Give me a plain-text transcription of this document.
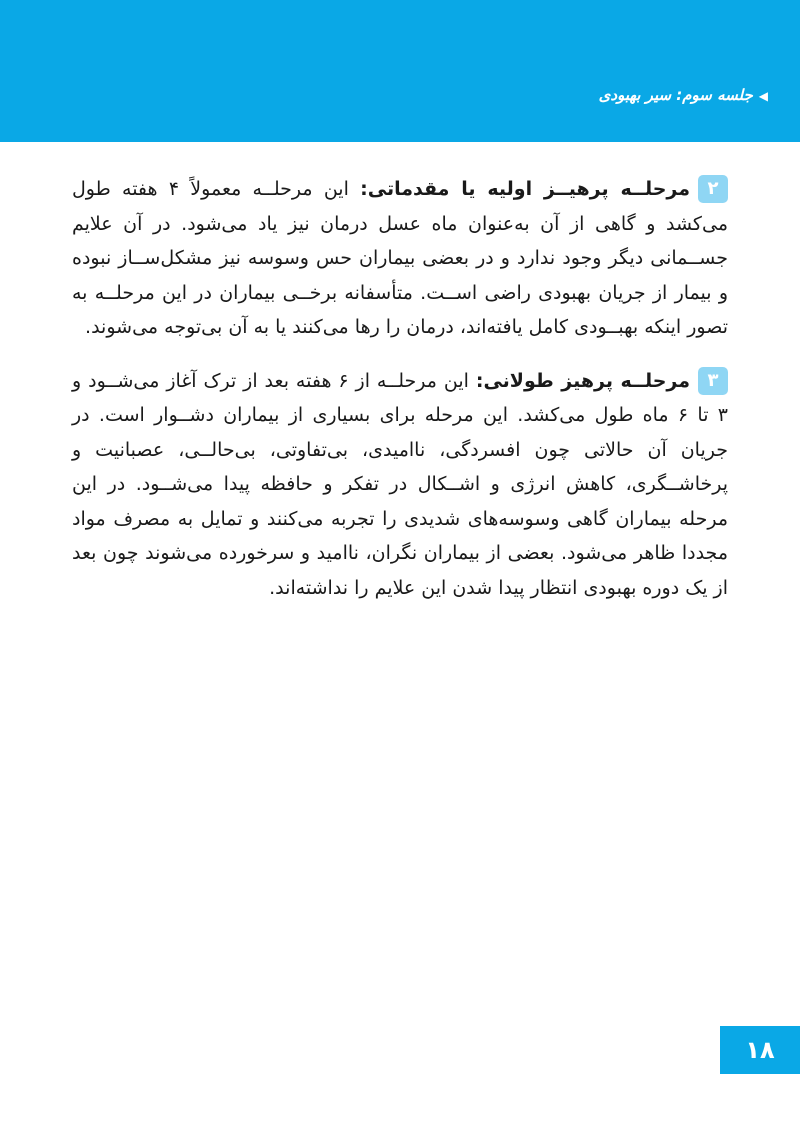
◀جلسه سوم: سیر بهبودی

۲مرحلــه پرهیــز اولیه یا مقدماتی: این مرحلــه معمولاً ۴ هفته طول می‌کشد و گاهی از آن به‌عنوان ماه عسل درمان نیز یاد می‌شود. در آن علایم جســمانی دیگر وجود ندارد و در بعضی بیماران حس وسوسه نیز مشکل‌ســاز نبوده و بیمار از جریان بهبودی راضی اســت. متأسفانه برخــی بیماران در این مرحلــه به تصور اینکه بهبــودی کامل یافته‌اند، درمان را رها می‌کنند یا به آن بی‌توجه می‌شوند.

۳مرحلــه پرهیز طولانی: این مرحلــه از ۶ هفته بعد از ترک آغاز می‌شــود و ۳ تا ۶ ماه طول می‌کشد. این مرحله برای بسیاری از بیماران دشــوار است. در جریان آن حالاتی چون افسردگی، ناامیدی، بی‌تفاوتی، بی‌حالــی، عصبانیت و پرخاشــگری، کاهش انرژی و اشــکال در تفکر و حافظه پیدا می‌شــود. در این مرحله بیماران گاهی وسوسه‌های شدیدی را تجربه می‌کنند و تمایل به مصرف مواد مجددا ظاهر می‌شود. بعضی از بیماران نگران، ناامید و سرخورده می‌شوند چون بعد از یک دوره بهبودی انتظار پیدا شدن این علایم را نداشته‌اند.

۱۸
